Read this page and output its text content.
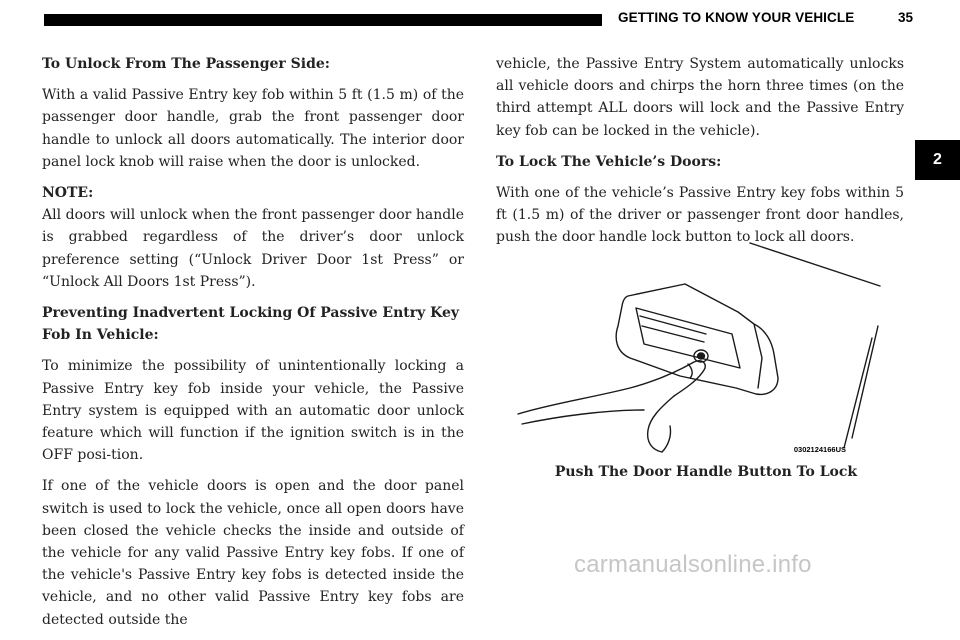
GETTING TO KNOW YOUR VEHICLE	35
2
To Unlock From The Passenger Side:

With a valid Passive Entry key fob within 5 ft (1.5 m) of the passenger door handle, grab the front passenger door handle to unlock all doors automatically. The interior door panel lock knob will raise when the door is unlocked.

NOTE:
All doors will unlock when the front passenger door handle is grabbed regardless of the driver’s door unlock preference setting (“Unlock Driver Door 1st Press” or “Unlock All Doors 1st Press”).

Preventing Inadvertent Locking Of Passive Entry Key Fob In Vehicle:

To minimize the possibility of unintentionally locking a Passive Entry key fob inside your vehicle, the Passive Entry system is equipped with an automatic door unlock feature which will function if the ignition switch is in the OFF posi-tion.

If one of the vehicle doors is open and the door panel switch is used to lock the vehicle, once all open doors have been closed the vehicle checks the inside and outside of the vehicle for any valid Passive Entry key fobs. If one of the vehicle's Passive Entry key fobs is detected inside the vehicle, and no other valid Passive Entry key fobs are detected outside the

vehicle, the Passive Entry System automatically unlocks all vehicle doors and chirps the horn three times (on the third attempt ALL doors will lock and the Passive Entry key fob can be locked in the vehicle).

To Lock The Vehicle’s Doors:

With one of the vehicle’s Passive Entry key fobs within 5 ft (1.5 m) of the driver or passenger front door handles, push the door handle lock button to lock all doors.

0302124166US
Push The Door Handle Button To Lock
carmanualsonline.info
